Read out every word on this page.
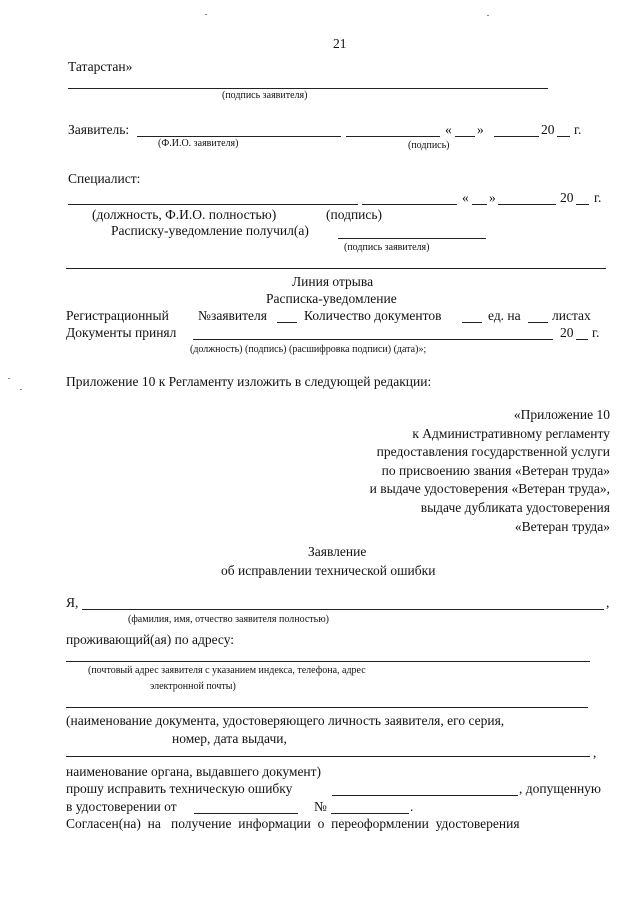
21
Татарстан»
(подпись заявителя)
Заявитель:	« »	20 г.
(Ф.И.О. заявителя)	(подпись)
Специалист:
« »	20 г.
(должность, Ф.И.О. полностью)	(подпись)
Расписку-уведомление получил(а)
(подпись заявителя)
Линия отрыва
Расписка-уведомление
Регистрационный № заявителя	Количество документов	ед. на листах
Документы принял	20 г.
(должность) (подпись) (расшифровка подписи) (дата)»;
Приложение 10 к Регламенту изложить в следующей редакции:
«Приложение 10
к Административному регламенту
предоставления государственной услуги
по присвоению звания «Ветеран труда»
и выдаче удостоверения «Ветеран труда»,
выдаче дубликата удостоверения
«Ветеран труда»
Заявление
об исправлении технической ошибки
Я,	,
(фамилия, имя, отчество заявителя полностью)
проживающий(ая) по адресу:
(почтовый адрес заявителя с указанием индекса, телефона, адрес
электронной почты)
(наименование документа, удостоверяющего личность заявителя, его серия,
номер, дата выдачи,
,
наименование органа, выдавшего документ)
прошу исправить техническую ошибку	, допущенную
в удостоверении от	№	.
Согласен(на)  на   получение  информации  о  переоформлении  удостоверения
